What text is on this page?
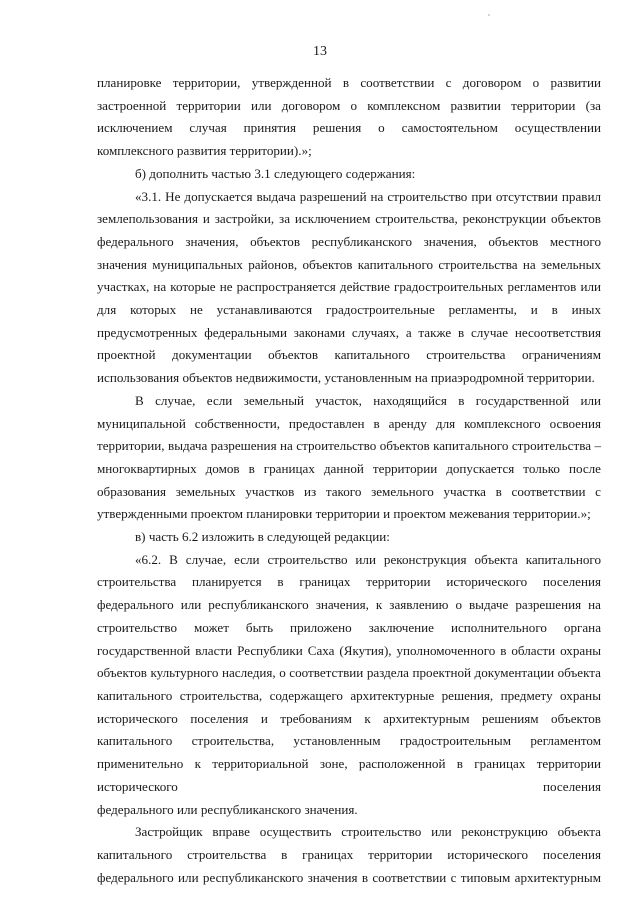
13

планировке территории, утвержденной в соответствии с договором о развитии застроенной территории или договором о комплексном развитии территории (за исключением случая принятия решения о самостоятельном осуществлении

комплексного развития территории).»;

б) дополнить частью 3.1 следующего содержания:

«3.1. Не допускается выдача разрешений на строительство при отсутствии правил землепользования и застройки, за исключением строительства, реконструкции объектов федерального значения, объектов республиканского значения, объектов местного значения муниципальных районов, объектов капитального строительства на земельных участках, на которые не распространяется действие градостроительных регламентов или для которых не устанавливаются градостроительные регламенты, и в иных предусмотренных федеральными законами случаях, а также в случае несоответствия проектной документации объектов капитального строительства ограничениям

использования объектов недвижимости, установленным на приаэродромной территории.

В случае, если земельный участок, находящийся в государственной или муниципальной собственности, предоставлен в аренду для комплексного освоения территории, выдача разрешения на строительство объектов капитального строительства – многоквартирных домов в границах данной территории допускается только после образования земельных участков из такого земельного участка в соответствии с

утвержденными проектом планировки территории и проектом межевания территории.»;

в) часть 6.2 изложить в следующей редакции:

«6.2. В случае, если строительство или реконструкция объекта капитального строительства планируется в границах территории исторического поселения федерального или республиканского значения, к заявлению о выдаче разрешения на строительство может быть приложено заключение исполнительного органа государственной власти Республики Саха (Якутия), уполномоченного в области охраны объектов культурного наследия, о соответствии раздела проектной документации объекта капитального строительства, содержащего архитектурные решения, предмету охраны исторического поселения и требованиям к архитектурным решениям объектов капитального строительства, установленным градостроительным регламентом применительно к территориальной зоне, расположенной в границах территории исторического поселения

федерального или республиканского значения.

Застройщик вправе осуществить строительство или реконструкцию объекта капитального строительства в границах территории исторического поселения федерального или республиканского значения в соответствии с типовым архитектурным
